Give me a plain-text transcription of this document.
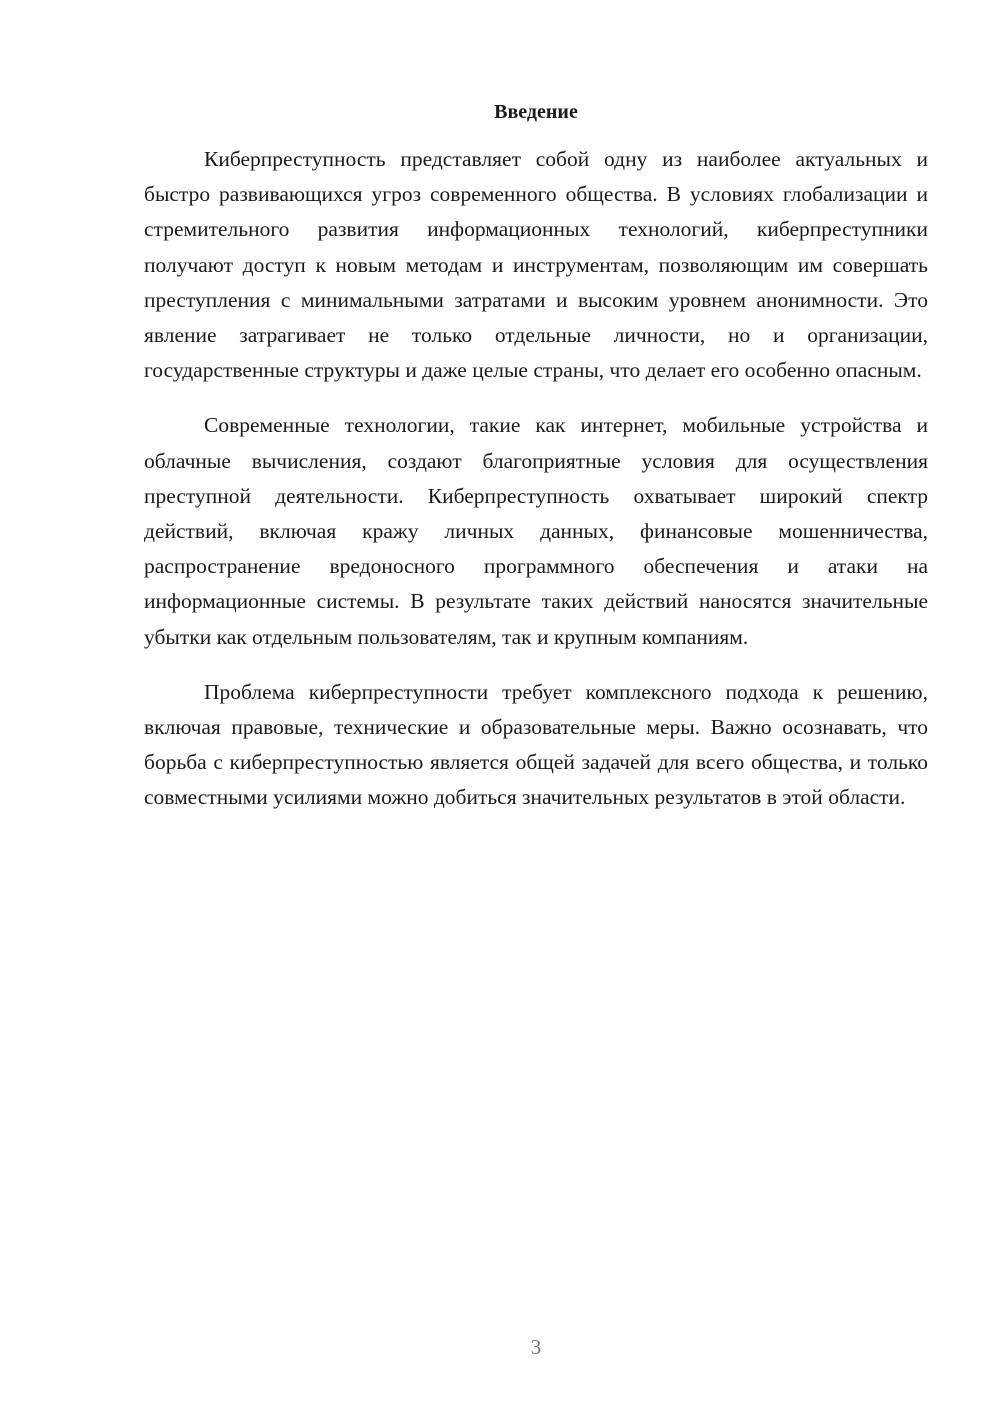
Введение

Киберпреступность представляет собой одну из наиболее актуальных и быстро развивающихся угроз современного общества. В условиях глобализации и стремительного развития информационных технологий, киберпреступники получают доступ к новым методам и инструментам, позволяющим им совершать преступления с минимальными затратами и высоким уровнем анонимности. Это явление затрагивает не только отдельные личности, но и организации, государственные структуры и даже целые страны, что делает его особенно опасным.

Современные технологии, такие как интернет, мобильные устройства и облачные вычисления, создают благоприятные условия для осуществления преступной деятельности. Киберпреступность охватывает широкий спектр действий, включая кражу личных данных, финансовые мошенничества, распространение вредоносного программного обеспечения и атаки на информационные системы. В результате таких действий наносятся значительные убытки как отдельным пользователям, так и крупным компаниям.

Проблема киберпреступности требует комплексного подхода к решению, включая правовые, технические и образовательные меры. Важно осознавать, что борьба с киберпреступностью является общей задачей для всего общества, и только совместными усилиями можно добиться значительных результатов в этой области.

3
